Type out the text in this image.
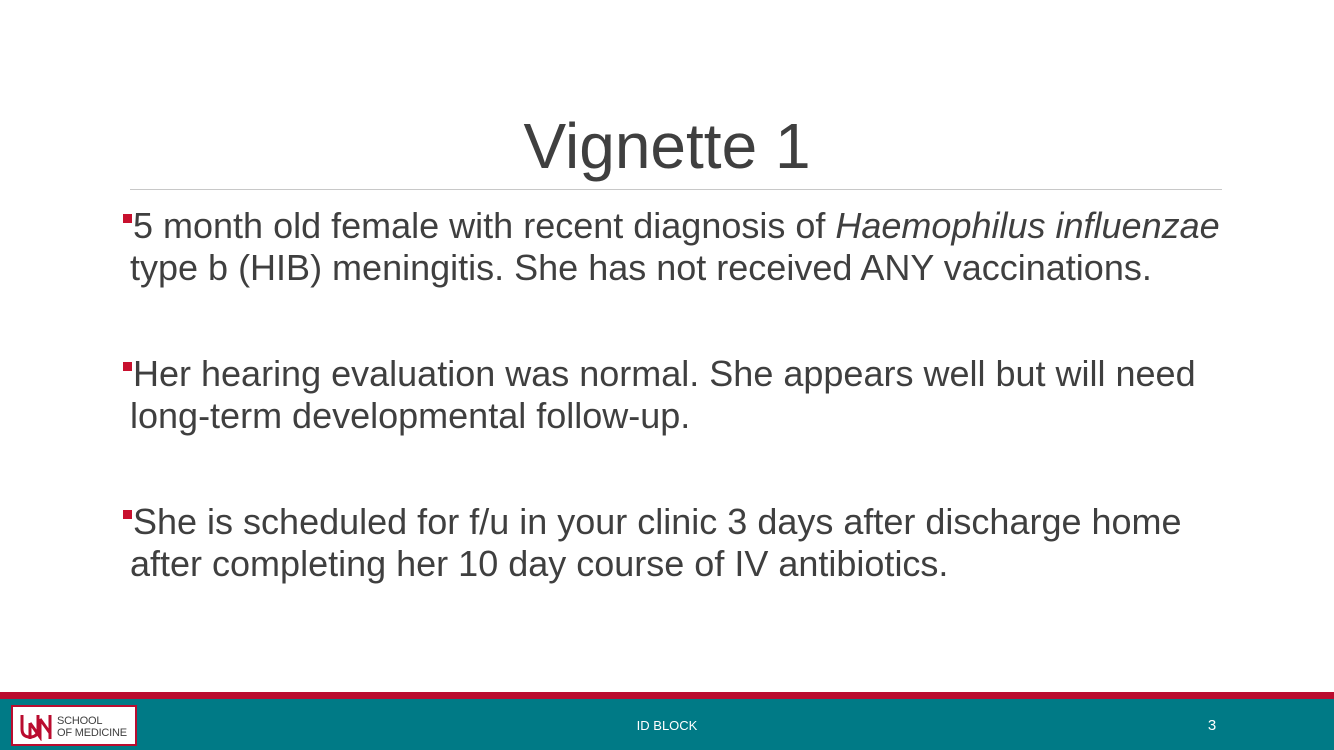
Vignette 1
5 month old female with recent diagnosis of Haemophilus influenzae type b (HIB) meningitis. She has not received ANY vaccinations.
Her hearing evaluation was normal. She appears well but will need long-term developmental follow-up.
She is scheduled for f/u in your clinic 3 days after discharge home after completing her 10 day course of IV antibiotics.
SCHOOL
OF MEDICINE	ID BLOCK	3
